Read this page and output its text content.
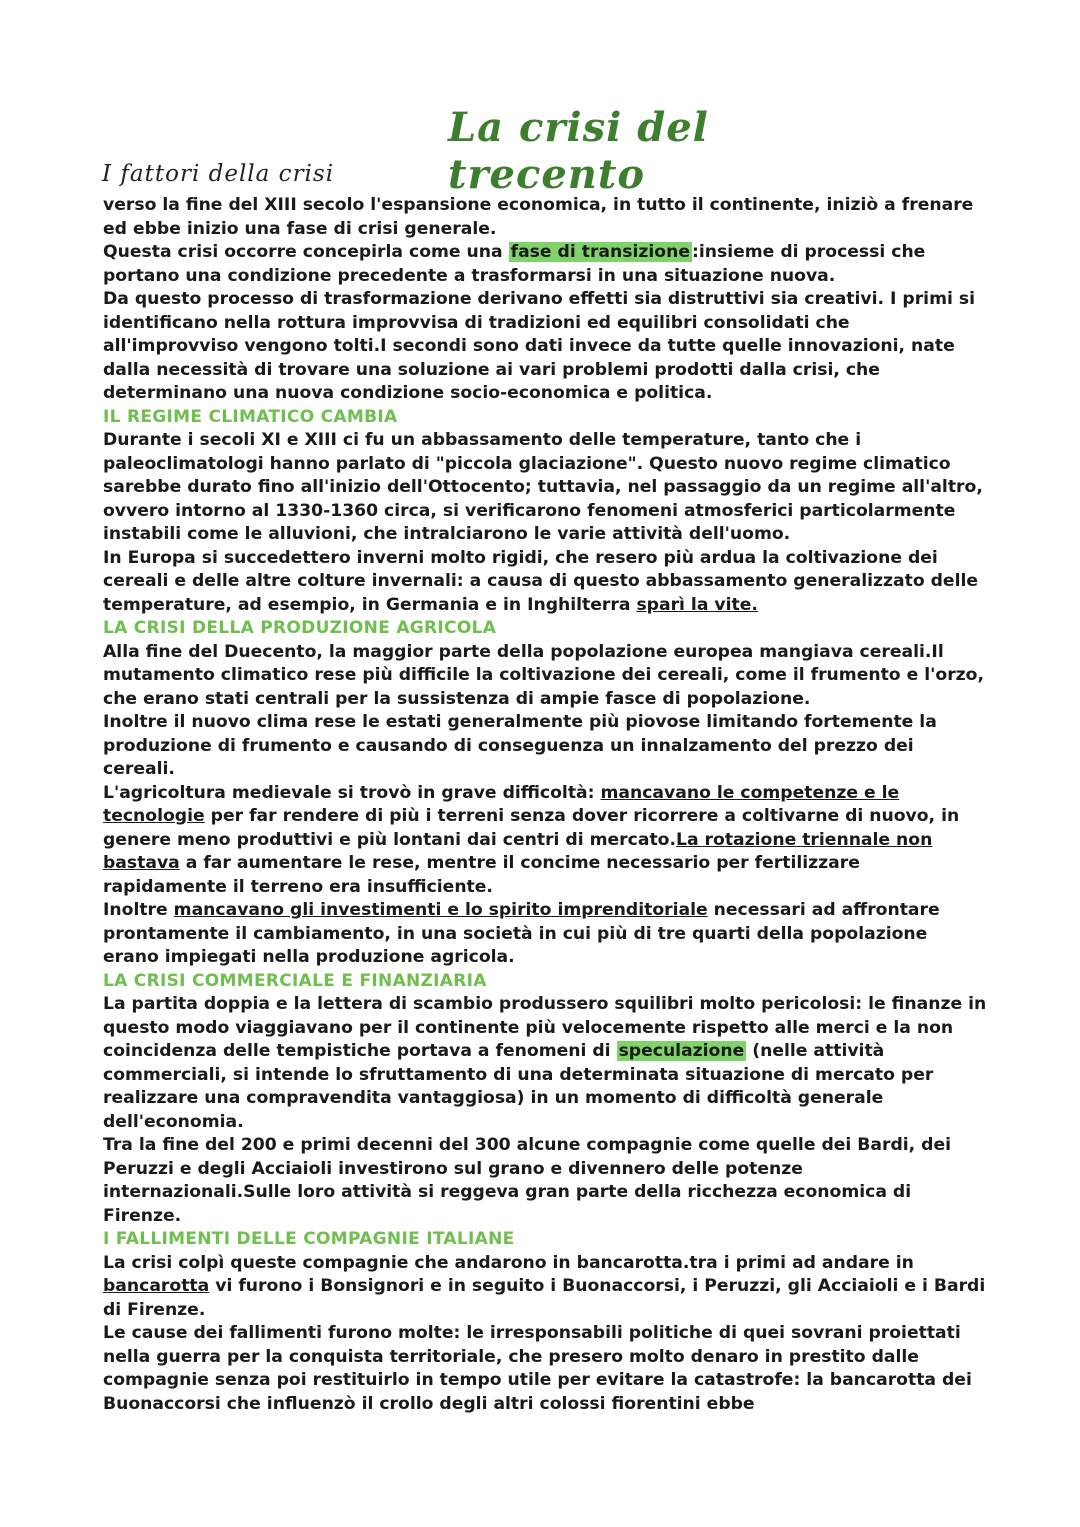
La crisi del trecento
I fattori della crisi

verso la fine del XIII secolo l'espansione economica, in tutto il continente, iniziò a frenare ed ebbe inizio una fase di crisi generale.

Questa crisi occorre concepirla come una fase di transizione :insieme di processi che portano una condizione precedente a trasformarsi in una situazione nuova.

Da questo processo di trasformazione derivano effetti sia distruttivi sia creativi. I primi si identificano nella rottura improvvisa di tradizioni ed equilibri consolidati che all'improvviso vengono tolti.I secondi sono dati invece da tutte quelle innovazioni, nate dalla necessità di trovare una soluzione ai vari problemi prodotti dalla crisi, che determinano una nuova condizione socio-economica e politica.

IL REGIME CLIMATICO CAMBIA

Durante i secoli XI e XIII ci fu un abbassamento delle temperature, tanto che i paleoclimatologi hanno parlato di "piccola glaciazione". Questo nuovo regime climatico sarebbe durato fino all'inizio dell'Ottocento; tuttavia, nel passaggio da un regime all'altro, ovvero intorno al 1330-1360 circa, si verificarono fenomeni atmosferici particolarmente instabili come le alluvioni, che intralciarono le varie attività dell'uomo.

In Europa si succedettero inverni molto rigidi, che resero più ardua la coltivazione dei cereali e delle altre colture invernali: a causa di questo abbassamento generalizzato delle temperature, ad esempio, in Germania e in Inghilterra sparì la vite.

LA CRISI DELLA PRODUZIONE AGRICOLA

Alla fine del Duecento, la maggior parte della popolazione europea mangiava cereali.Il mutamento climatico rese più difficile la coltivazione dei cereali, come il frumento e l'orzo, che erano stati centrali per la sussistenza di ampie fasce di popolazione.

Inoltre il nuovo clima rese le estati generalmente più piovose limitando fortemente la produzione di frumento e causando di conseguenza un innalzamento del prezzo dei cereali.

L'agricoltura medievale si trovò in grave difficoltà: mancavano le competenze e le tecnologie per far rendere di più i terreni senza dover ricorrere a coltivarne di nuovo, in genere meno produttivi e più lontani dai centri di mercato.La rotazione triennale non bastava a far aumentare le rese, mentre il concime necessario per fertilizzare rapidamente il terreno era insufficiente.

Inoltre mancavano gli investimenti e lo spirito imprenditoriale necessari ad affrontare prontamente il cambiamento, in una società in cui più di tre quarti della popolazione erano impiegati nella produzione agricola.

LA CRISI COMMERCIALE E FINANZIARIA

La partita doppia e la lettera di scambio produssero squilibri molto pericolosi: le finanze in questo modo viaggiavano per il continente più velocemente rispetto alle merci e la non coincidenza delle tempistiche portava a fenomeni di speculazione (nelle attività commerciali, si intende lo sfruttamento di una determinata situazione di mercato per realizzare una compravendita vantaggiosa) in un momento di difficoltà generale dell'economia.

Tra la fine del 200 e primi decenni del 300 alcune compagnie come quelle dei Bardi, dei Peruzzi e degli Acciaioli investirono sul grano e divennero delle potenze internazionali.Sulle loro attività si reggeva gran parte della ricchezza economica di Firenze.

I FALLIMENTI DELLE COMPAGNIE ITALIANE

La crisi colpì queste compagnie che andarono in bancarotta.tra i primi ad andare in bancarotta vi furono i Bonsignori e in seguito i Buonaccorsi, i Peruzzi, gli Acciaioli e i Bardi di Firenze.

Le cause dei fallimenti furono molte: le irresponsabili politiche di quei sovrani proiettati nella guerra per la conquista territoriale, che presero molto denaro in prestito dalle compagnie senza poi restituirlo in tempo utile per evitare la catastrofe: la bancarotta dei Buonaccorsi che influenzò il crollo degli altri colossi fiorentini ebbe
